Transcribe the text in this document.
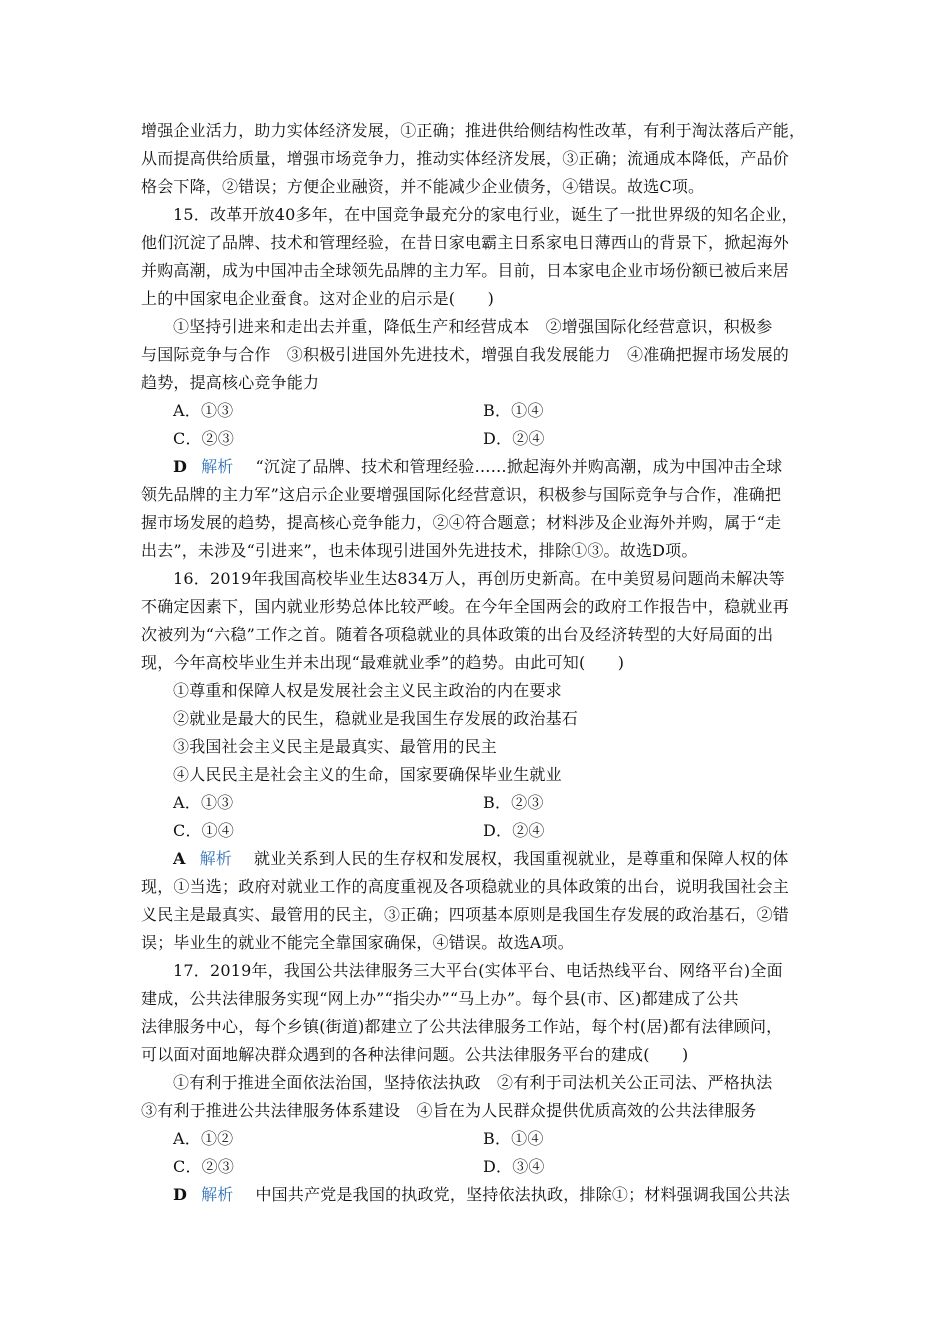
增强企业活力，助力实体经济发展，①正确；推进供给侧结构性改革，有利于淘汰落后产能，
从而提高供给质量，增强市场竞争力，推动实体经济发展，③正确；流通成本降低，产品价
格会下降，②错误；方便企业融资，并不能减少企业债务，④错误。故选C项。
15．改革开放40多年，在中国竞争最充分的家电行业，诞生了一批世界级的知名企业，
他们沉淀了品牌、技术和管理经验，在昔日家电霸主日系家电日薄西山的背景下，掀起海外
并购高潮，成为中国冲击全球领先品牌的主力军。目前，日本家电企业市场份额已被后来居
上的中国家电企业蚕食。这对企业的启示是(　　)
①坚持引进来和走出去并重，降低生产和经营成本　②增强国际化经营意识，积极参
与国际竞争与合作　③积极引进国外先进技术，增强自我发展能力　④准确把握市场发展的
趋势，提高核心竞争能力
A．①③	B．①④
C．②③	D．②④
D 解析 “沉淀了品牌、技术和管理经验……掀起海外并购高潮，成为中国冲击全球
领先品牌的主力军”这启示企业要增强国际化经营意识，积极参与国际竞争与合作，准确把
握市场发展的趋势，提高核心竞争能力，②④符合题意；材料涉及企业海外并购，属于“走
出去”，未涉及“引进来”，也未体现引进国外先进技术，排除①③。故选D项。
16．2019年我国高校毕业生达834万人，再创历史新高。在中美贸易问题尚未解决等
不确定因素下，国内就业形势总体比较严峻。在今年全国两会的政府工作报告中，稳就业再
次被列为“六稳”工作之首。随着各项稳就业的具体政策的出台及经济转型的大好局面的出
现，今年高校毕业生并未出现“最难就业季”的趋势。由此可知(　　)
①尊重和保障人权是发展社会主义民主政治的内在要求
②就业是最大的民生，稳就业是我国生存发展的政治基石
③我国社会主义民主是最真实、最管用的民主
④人民民主是社会主义的生命，国家要确保毕业生就业
A．①③	B．②③
C．①④	D．②④
A 解析 就业关系到人民的生存权和发展权，我国重视就业，是尊重和保障人权的体
现，①当选；政府对就业工作的高度重视及各项稳就业的具体政策的出台，说明我国社会主
义民主是最真实、最管用的民主，③正确；四项基本原则是我国生存发展的政治基石，②错
误；毕业生的就业不能完全靠国家确保，④错误。故选A项。
17．2019年，我国公共法律服务三大平台(实体平台、电话热线平台、网络平台)全面
建成，公共法律服务实现“网上办”“指尖办”“马上办”。每个县(市、区)都建成了公共
法律服务中心，每个乡镇(街道)都建立了公共法律服务工作站，每个村(居)都有法律顾问，
可以面对面地解决群众遇到的各种法律问题。公共法律服务平台的建成(　　)
①有利于推进全面依法治国，坚持依法执政　②有利于司法机关公正司法、严格执法
③有利于推进公共法律服务体系建设　④旨在为人民群众提供优质高效的公共法律服务
A．①②	B．①④
C．②③	D．③④
D 解析 中国共产党是我国的执政党，坚持依法执政，排除①；材料强调我国公共法
